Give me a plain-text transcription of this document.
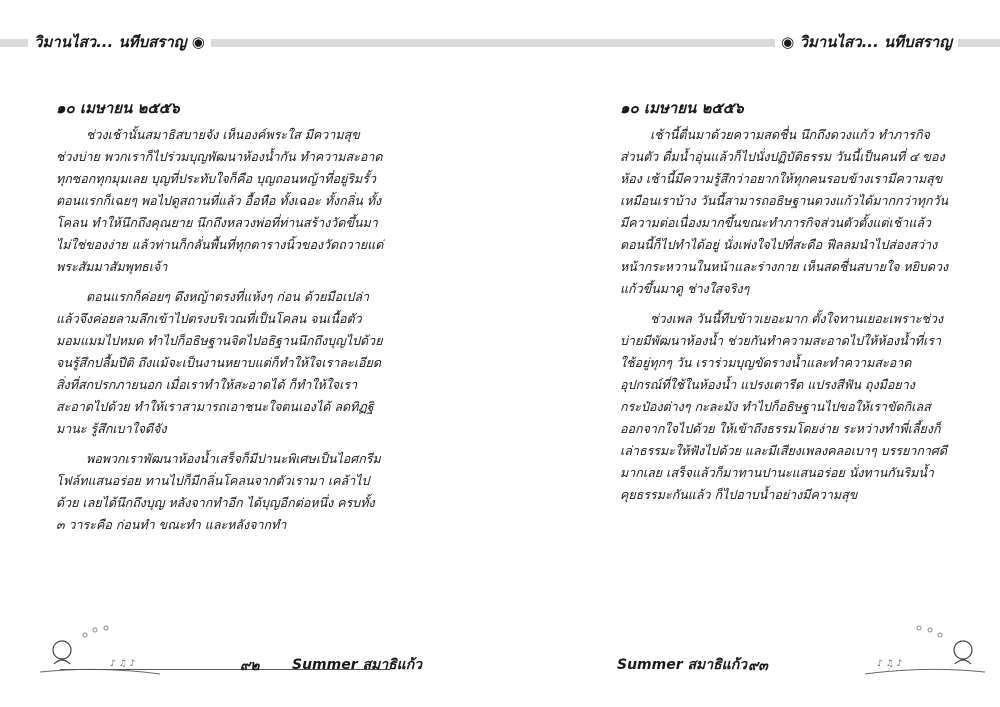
วิมานไสว... นทีบสราญ ◉
๑๐ เมษายน ๒๕๕๖

ช่วงเช้านั้นสมาธิสบายจัง เห็นองค์พระใส มีความสุข ช่วงบ่าย พวกเราก็ไปร่วมบุญพัฒนาห้องน้ำกัน ทำความสะอาดทุกซอกทุกมุมเลย บุญที่ประทับใจก็คือ บุญถอนหญ้าที่อยู่ริมรั้ว ตอนแรกก็เฉยๆ พอไปดูสถานที่แล้ว อื้อหือ ทั้งเฉอะ ทั้งกลิ่น ทั้งโคลน ทำให้นึกถึงคุณยาย นึกถึงหลวงพ่อที่ท่านสร้างวัดขึ้นมาไม่ใช่ของง่าย แล้วท่านก็กลั่นพื้นที่ทุกตารางนิ้วของวัดถวายแด่พระสัมมาสัมพุทธเจ้า

ตอนแรกก็ค่อยๆ ดึงหญ้าตรงที่แห้งๆ ก่อน ด้วยมือเปล่า แล้วจึงค่อยลามลึกเข้าไปตรงบริเวณที่เป็นโคลน จนเนื้อตัวมอมแมมไปหมด ทำไปก็อธิษฐานจิตไปอธิฐานนึกถึงบุญไปด้วย จนรู้สึกปลื้มปีติ ถึงแม้จะเป็นงานหยาบแต่ก็ทำให้ใจเราละเอียด สิ่งที่สกปรกภายนอก เมื่อเราทำให้สะอาดได้ ก็ทำให้ใจเราสะอาดไปด้วย ทำให้เราสามารถเอาชนะใจตนเองได้ ลดทิฏฐิมานะ รู้สึกเบาใจดีจัง

พอพวกเราพัฒนาห้องน้ำเสร็จก็มีปานะพิเศษเป็นไอศกรีมโฟล์ทแสนอร่อย ทานไปก็มีกลิ่นโคลนจากตัวเรามา เคล้าไปด้วย เลยได้นึกถึงบุญ หลังจากทำอีก ได้บุญอีกต่อหนึ่ง ครบทั้ง ๓ วาระคือ ก่อนทำ ขณะทำ และหลังจากทำ

♪ ♫ ♪	๙๒ Summer สมาธิแก้ว
◉ วิมานไสว... นทีบสราญ
๑๐ เมษายน ๒๕๕๖

เช้านี้ตื่นมาด้วยความสดชื่น นึกถึงดวงแก้ว ทำภารกิจส่วนตัว ดื่มน้ำอุ่นแล้วก็ไปนั่งปฏิบัติธรรม วันนี้เป็นคนที่ ๔ ของห้อง เช้านี้มีความรู้สึกว่าอยากให้ทุกคนรอบข้างเรามีความสุขเหมือนเราบ้าง วันนี้สามารถอธิษฐานดวงแก้วได้มากกว่าทุกวัน มีความต่อเนื่องมากขึ้นขณะทำภารกิจส่วนตัวตั้งแต่เช้าแล้ว ตอนนี้ก็ไปทำได้อยู่ นั่งเพ่งใจไปที่สะดือ ฟีลลมนำไปส่องสว่างหน้ากระหวานในหน้าและร่างกาย เห็นสดชื่นสบายใจ หยิบดวงแก้วขึ้นมาดู ช่างใสจริงๆ

ช่วงเพล วันนี้ทีบข้าวเยอะมาก ตั้งใจทานเยอะเพราะช่วงบ่ายมีพัฒนาห้องน้ำ ช่วยกันทำความสะอาดไปให้ห้องน้ำที่เราใช้อยู่ทุกๆ วัน เราร่วมบุญขัดรางน้ำและทำความสะอาดอุปกรณ์ที่ใช้ในห้องน้ำ แปรงเตารีด แปรงสีฟัน ถุงมือยาง กระป๋องต่างๆ กะละมัง ทำไปก็อธิษฐานไปขอให้เราขัดกิเลสออกจากใจไปด้วย ให้เข้าถึงธรรมโดยง่าย ระหว่างทำพี่เลี้ยงก็เล่าธรรมะให้ฟังไปด้วย และมีเสียงเพลงคลอเบาๆ บรรยากาศดีมากเลย เสร็จแล้วก็มาทานปานะแสนอร่อย นั่งทานกันริมน้ำ คุยธรรมะกันแล้ว ก็ไปอาบน้ำอย่างมีความสุข

♪ ♫ ♪
Summer สมาธิแก้ว ๙๓
